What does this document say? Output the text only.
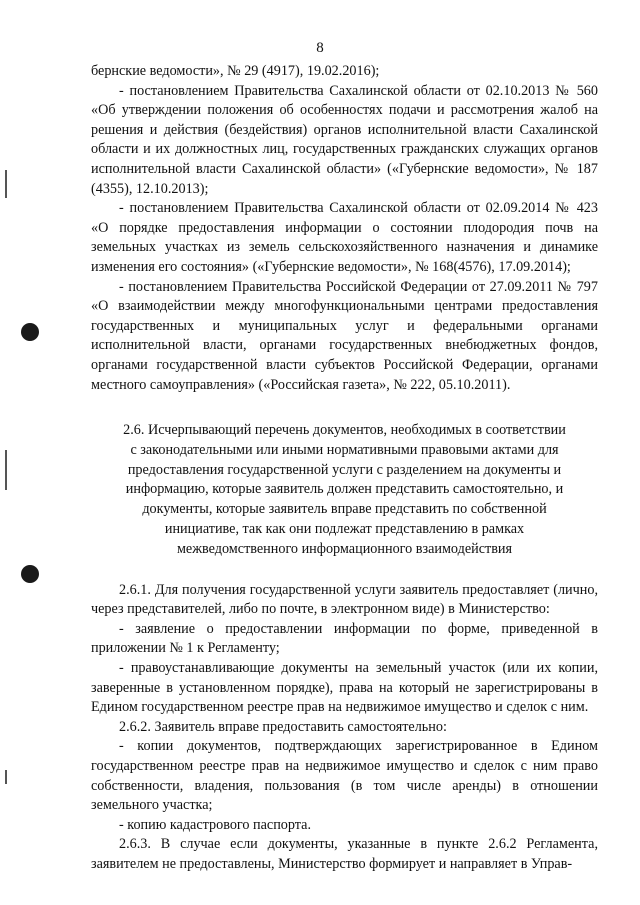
8

бернские ведомости», № 29 (4917), 19.02.2016);

- постановлением Правительства Сахалинской области от 02.10.2013 № 560 «Об утверждении положения об особенностях подачи и рассмотрения жалоб на решения и действия (бездействия) органов исполнительной власти Сахалинской области и их должностных лиц, государственных гражданских служащих органов исполнительной власти Сахалинской области» («Губернские ведомости», № 187 (4355), 12.10.2013);

- постановлением Правительства Сахалинской области от 02.09.2014 № 423 «О порядке предоставления информации о состоянии плодородия почв на земельных участках из земель сельскохозяйственного назначения и динамике изменения его состояния» («Губернские ведомости», № 168(4576), 17.09.2014);

- постановлением Правительства Российской Федерации от 27.09.2011 № 797 «О взаимодействии между многофункциональными центрами предоставления государственных и муниципальных услуг и федеральными органами исполнительной власти, органами государственных внебюджетных фондов, органами государственной власти субъектов Российской Федерации, органами местного самоуправления» («Российская газета», № 222, 05.10.2011).

2.6. Исчерпывающий перечень документов, необходимых в соответствии
с законодательными или иными нормативными правовыми актами для
предоставления государственной услуги с разделением на документы и
информацию, которые заявитель должен представить самостоятельно, и
документы, которые заявитель вправе представить по собственной
инициативе, так как они подлежат представлению в рамках
межведомственного информационного взаимодействия

2.6.1. Для получения государственной услуги заявитель предоставляет (лично, через представителей, либо по почте, в электронном виде) в Министерство:

- заявление о предоставлении информации по форме, приведенной в приложении № 1 к Регламенту;

- правоустанавливающие документы на земельный участок (или их копии, заверенные в установленном порядке), права на который не зарегистрированы в Едином государственном реестре прав на недвижимое имущество и сделок с ним.

2.6.2. Заявитель вправе предоставить самостоятельно:

- копии документов, подтверждающих зарегистрированное в Едином государственном реестре прав на недвижимое имущество и сделок с ним право собственности, владения, пользования (в том числе аренды) в отношении земельного участка;

- копию кадастрового паспорта.

2.6.3. В случае если документы, указанные в пункте 2.6.2 Регламента, заявителем не предоставлены, Министерство формирует и направляет в Управ-
